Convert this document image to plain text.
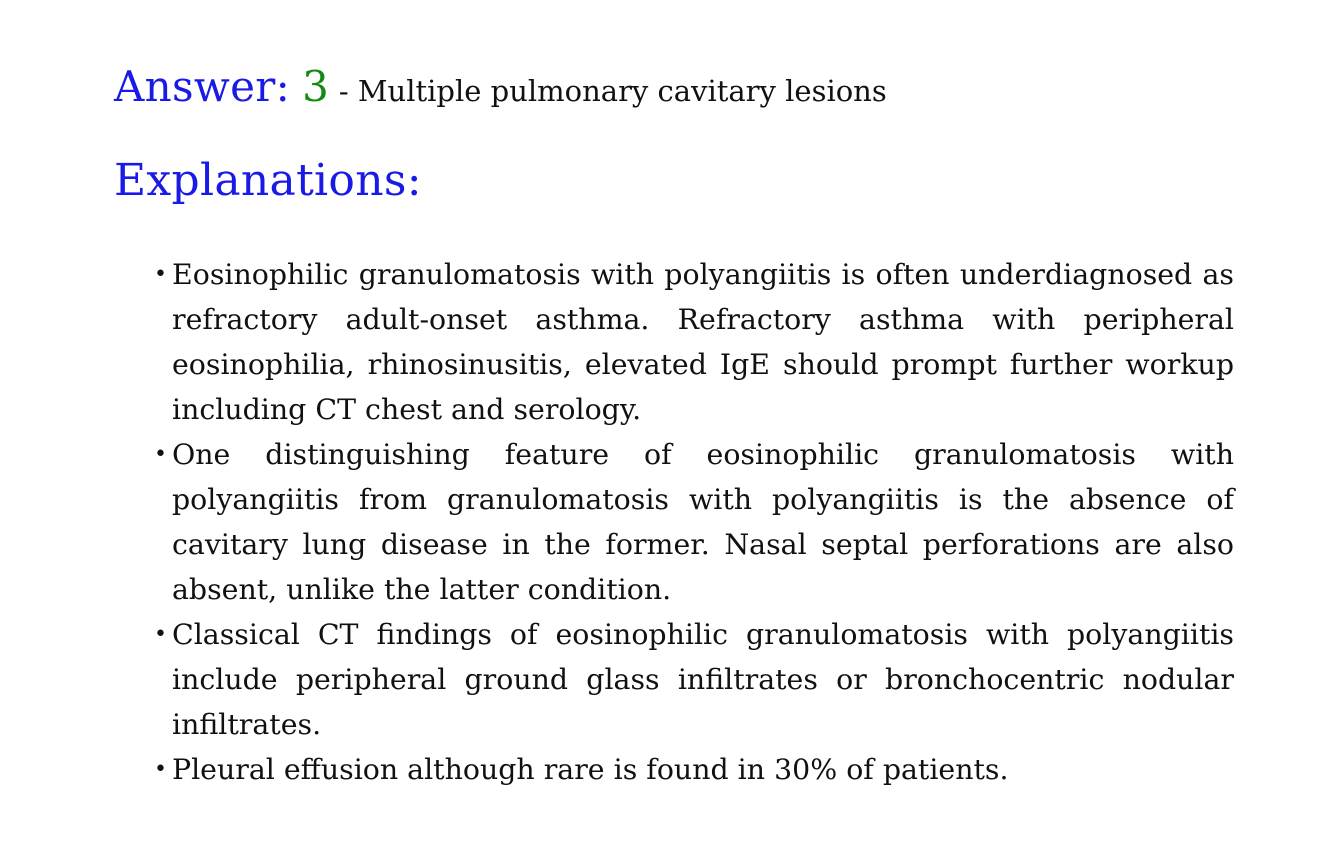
Answer: 3 - Multiple pulmonary cavitary lesions
Explanations:
• Eosinophilic granulomatosis with polyangiitis is often underdiagnosed as refractory adult-onset asthma. Refractory asthma with peripheral eosinophilia, rhinosinusitis, elevated IgE should prompt further workup including CT chest and serology.
• One distinguishing feature of eosinophilic granulomatosis with polyangiitis from granulomatosis with polyangiitis is the absence of cavitary lung disease in the former. Nasal septal perforations are also absent, unlike the latter condition.
• Classical CT findings of eosinophilic granulomatosis with polyangiitis include peripheral ground glass infiltrates or bronchocentric nodular infiltrates.
• Pleural effusion although rare is found in 30% of patients.
